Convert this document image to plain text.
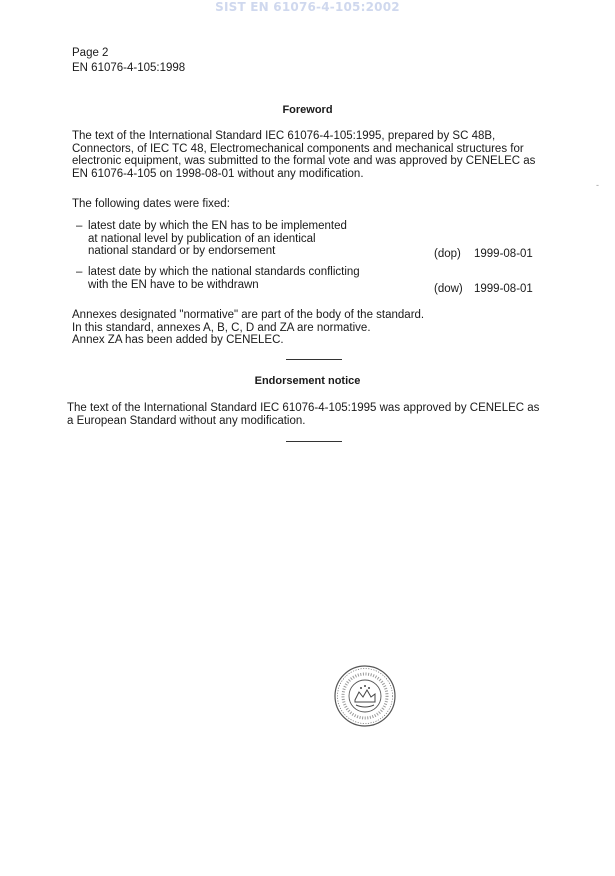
SIST EN 61076-4-105:2002
Page 2
EN 61076-4-105:1998
Foreword
The text of the International Standard IEC 61076-4-105:1995, prepared by SC 48B,
Connectors, of IEC TC 48, Electromechanical components and mechanical structures for
electronic equipment, was submitted to the formal vote and was approved by CENELEC as
EN 61076-4-105 on 1998-08-01 without any modification.
The following dates were fixed:
– latest date by which the EN has to be implemented
at national level by publication of an identical
national standard or by endorsement	(dop) 1999-08-01
– latest date by which the national standards conflicting
with the EN have to be withdrawn	(dow) 1999-08-01
Annexes designated "normative" are part of the body of the standard.
In this standard, annexes A, B, C, D and ZA are normative.
Annex ZA has been added by CENELEC.
Endorsement notice
The text of the International Standard IEC 61076-4-105:1995 was approved by CENELEC as
a European Standard without any modification.
-
